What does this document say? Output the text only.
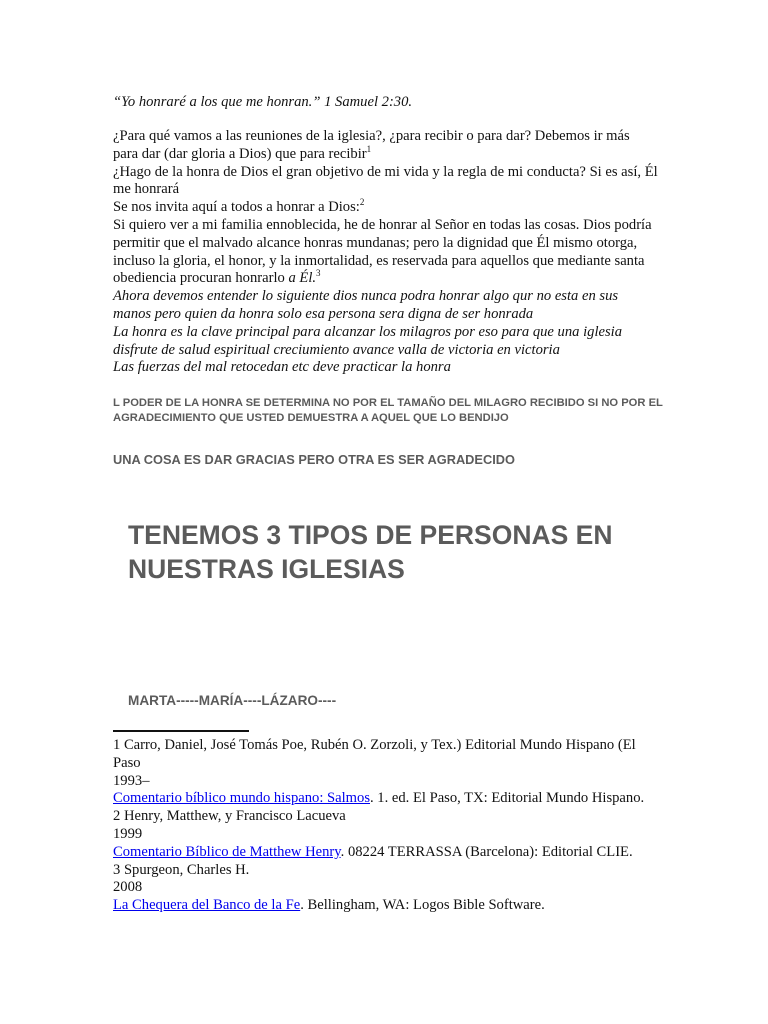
“Yo honraré a los que me honran.” 1 Samuel 2:30.
¿Para qué vamos a las reuniones de la iglesia?, ¿para recibir o para dar? Debemos ir más para dar (dar gloria a Dios) que para recibir$^1$
¿Hago de la honra de Dios el gran objetivo de mi vida y la regla de mi conducta? Si es así, Él me honrará
Se nos invita aquí a todos a honrar a Dios:$^2$
Si quiero ver a mi familia ennoblecida, he de honrar al Señor en todas las cosas. Dios podría permitir que el malvado alcance honras mundanas; pero la dignidad que Él mismo otorga, incluso la gloria, el honor, y la inmortalidad, es reservada para aquellos que mediante santa obediencia procuran honrarlo a Él.$^3$
Ahora devemos entender lo siguiente dios nunca podra honrar algo qur no esta en sus manos pero quien da honra solo esa persona sera digna de ser honrada
La honra es la clave principal para alcanzar los milagros por eso para que una iglesia disfrute de salud espiritual creciumiento avance valla de victoria en victoria
Las fuerzas del mal retocedan etc deve practicar la honra
L PODER DE LA HONRA SE DETERMINA NO POR EL TAMAÑO DEL MILAGRO RECIBIDO SI NO POR EL AGRADECIMIENTO QUE USTED DEMUESTRA A AQUEL QUE LO BENDIJO
UNA COSA ES DAR GRACIAS PERO OTRA ES SER AGRADECIDO
TENEMOS 3 TIPOS DE PERSONAS EN NUESTRAS IGLESIAS
MARTA-----MARÍA----LÁZARO----
1 Carro, Daniel, José Tomás Poe, Rubén O. Zorzoli, y Tex.) Editorial Mundo Hispano (El Paso
1993–
Comentario bíblico mundo hispano: Salmos. 1. ed. El Paso, TX: Editorial Mundo Hispano.
2 Henry, Matthew, y Francisco Lacueva
1999
Comentario Bíblico de Matthew Henry. 08224 TERRASSA (Barcelona): Editorial CLIE.
3 Spurgeon, Charles H.
2008
La Chequera del Banco de la Fe. Bellingham, WA: Logos Bible Software.
